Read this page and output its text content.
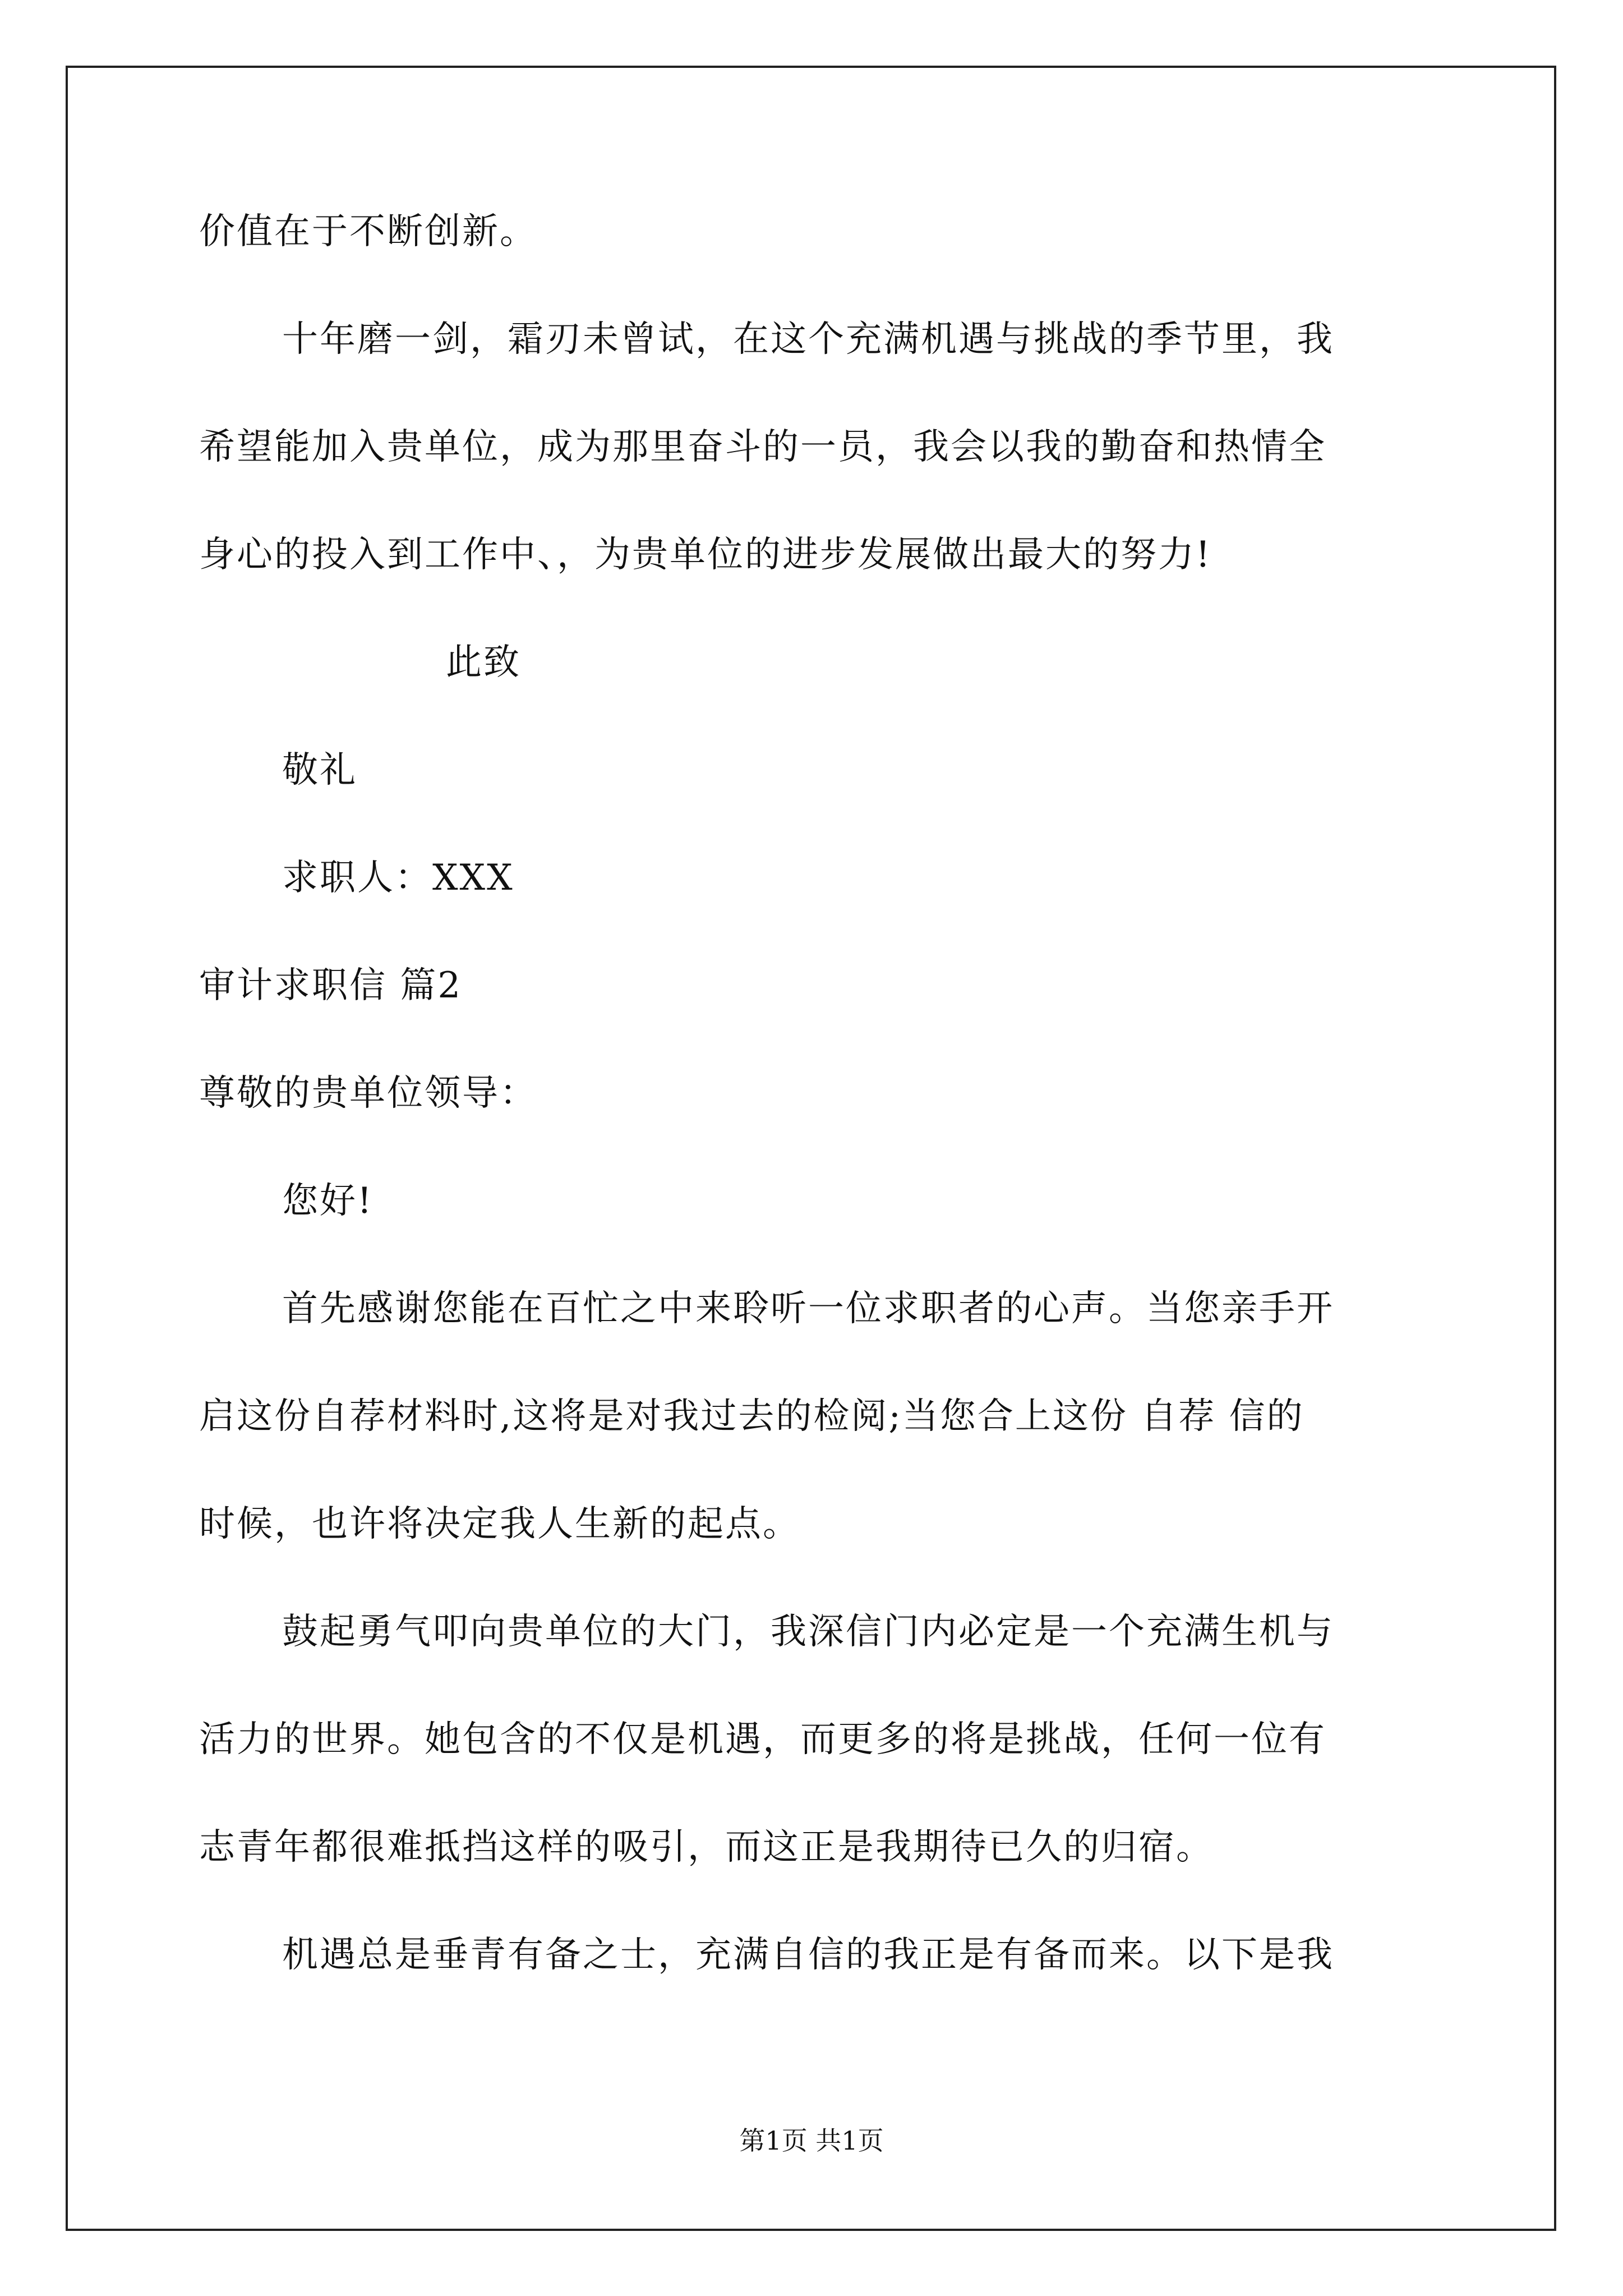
价值在于不断创新。
十年磨一剑，霜刃未曾试，在这个充满机遇与挑战的季节里，我
希望能加入贵单位，成为那里奋斗的一员，我会以我的勤奋和热情全
身心的投入到工作中、，为贵单位的进步发展做出最大的努力!
此致
敬礼
求职人：XXX
审计求职信 篇2
尊敬的贵单位领导：
您好!
首先感谢您能在百忙之中来聆听一位求职者的心声。当您亲手开
启这份自荐材料时,这将是对我过去的检阅;当您合上这份 自荐 信的
时候，也许将决定我人生新的起点。
鼓起勇气叩向贵单位的大门，我深信门内必定是一个充满生机与
活力的世界。她包含的不仅是机遇，而更多的将是挑战，任何一位有
志青年都很难抵挡这样的吸引，而这正是我期待已久的归宿。
机遇总是垂青有备之士，充满自信的我正是有备而来。以下是我
第1页 共1页
